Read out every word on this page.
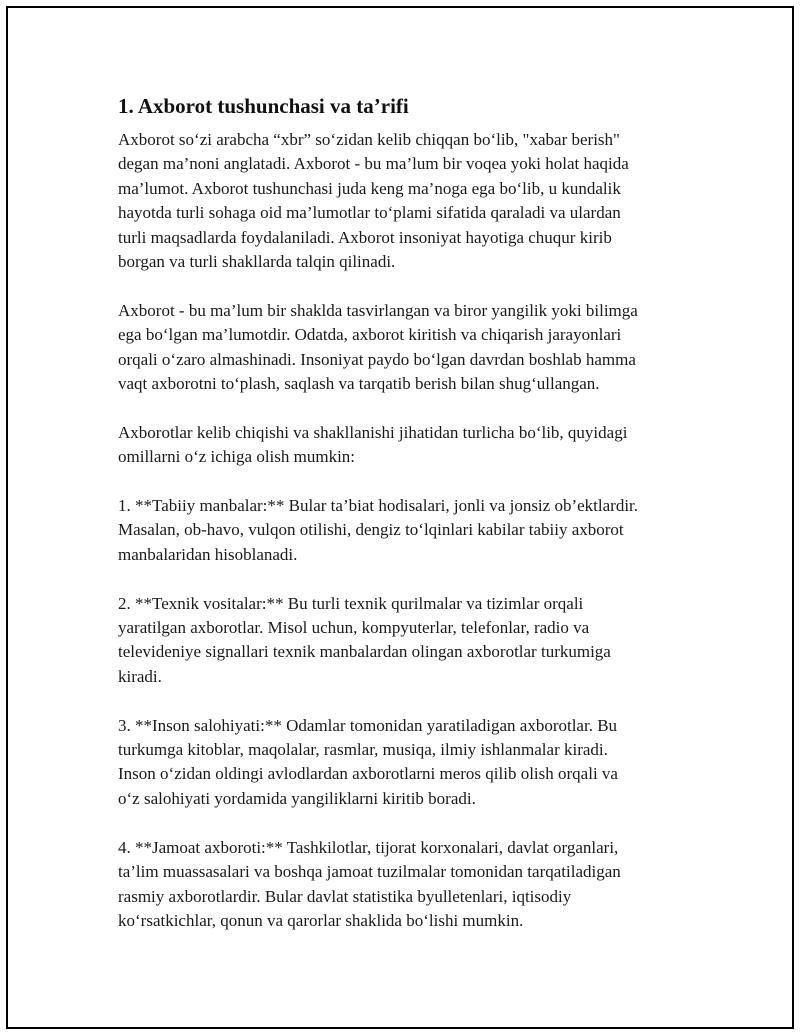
1. Axborot tushunchasi va ta’rifi
Axborot so‘zi arabcha “xbr” so‘zidan kelib chiqqan bo‘lib, "xabar berish"
degan ma’noni anglatadi. Axborot - bu ma’lum bir voqea yoki holat haqida
ma’lumot. Axborot tushunchasi juda keng ma’noga ega bo‘lib, u kundalik
hayotda turli sohaga oid ma’lumotlar to‘plami sifatida qaraladi va ulardan
turli maqsadlarda foydalaniladi. Axborot insoniyat hayotiga chuqur kirib
borgan va turli shakllarda talqin qilinadi.
Axborot - bu ma’lum bir shaklda tasvirlangan va biror yangilik yoki bilimga
ega bo‘lgan ma’lumotdir. Odatda, axborot kiritish va chiqarish jarayonlari
orqali o‘zaro almashinadi. Insoniyat paydo bo‘lgan davrdan boshlab hamma
vaqt axborotni to‘plash, saqlash va tarqatib berish bilan shug‘ullangan.
Axborotlar kelib chiqishi va shakllanishi jihatidan turlicha bo‘lib, quyidagi
omillarni o‘z ichiga olish mumkin:
1. **Tabiiy manbalar:** Bular ta’biat hodisalari, jonli va jonsiz ob’ektlardir.
Masalan, ob-havo, vulqon otilishi, dengiz to‘lqinlari kabilar tabiiy axborot
manbalaridan hisoblanadi.
2. **Texnik vositalar:** Bu turli texnik qurilmalar va tizimlar orqali
yaratilgan axborotlar. Misol uchun, kompyuterlar, telefonlar, radio va
televideniye signallari texnik manbalardan olingan axborotlar turkumiga
kiradi.
3. **Inson salohiyati:** Odamlar tomonidan yaratiladigan axborotlar. Bu
turkumga kitoblar, maqolalar, rasmlar, musiqa, ilmiy ishlanmalar kiradi.
Inson o‘zidan oldingi avlodlardan axborotlarni meros qilib olish orqali va
o‘z salohiyati yordamida yangiliklarni kiritib boradi.
4. **Jamoat axboroti:** Tashkilotlar, tijorat korxonalari, davlat organlari,
ta’lim muassasalari va boshqa jamoat tuzilmalar tomonidan tarqatiladigan
rasmiy axborotlardir. Bular davlat statistika byulletenlari, iqtisodiy
ko‘rsatkichlar, qonun va qarorlar shaklida bo‘lishi mumkin.
